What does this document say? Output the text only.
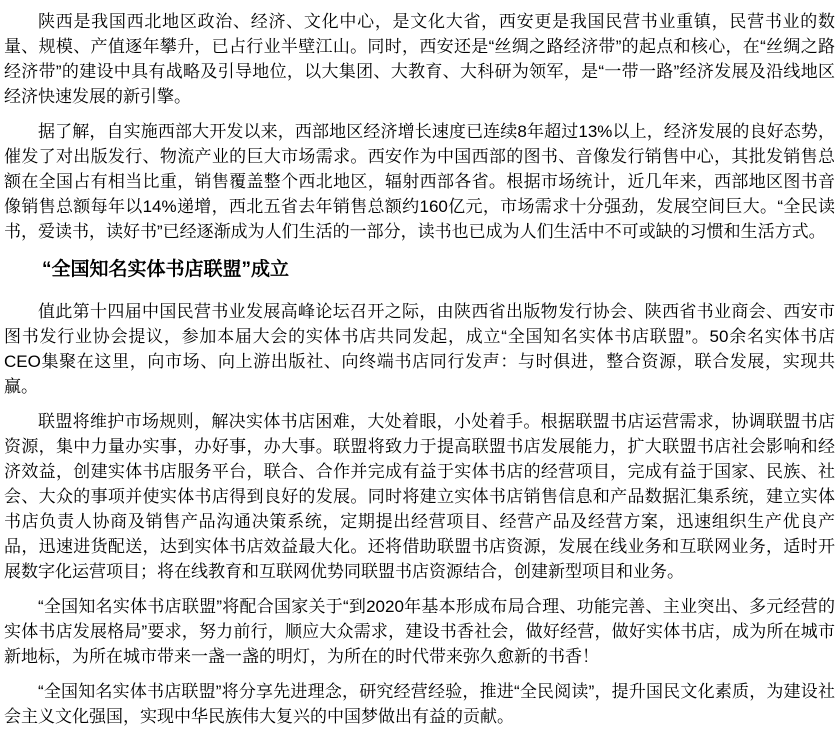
陕西是我国西北地区政治、经济、文化中心，是文化大省，西安更是我国民营书业重镇，民营书业的数量、规模、产值逐年攀升，已占行业半壁江山。同时，西安还是“丝绸之路经济带”的起点和核心，在“丝绸之路经济带”的建设中具有战略及引导地位，以大集团、大教育、大科研为领军，是“一带一路”经济发展及沿线地区经济快速发展的新引擎。

据了解，自实施西部大开发以来，西部地区经济增长速度已连续8年超过13%以上，经济发展的良好态势，催发了对出版发行、物流产业的巨大市场需求。西安作为中国西部的图书、音像发行销售中心，其批发销售总额在全国占有相当比重，销售覆盖整个西北地区，辐射西部各省。根据市场统计，近几年来，西部地区图书音像销售总额每年以14%递增，西北五省去年销售总额约160亿元，市场需求十分强劲，发展空间巨大。“全民读书，爱读书，读好书”已经逐渐成为人们生活的一部分，读书也已成为人们生活中不可或缺的习惯和生活方式。

“全国知名实体书店联盟”成立

值此第十四届中国民营书业发展高峰论坛召开之际，由陕西省出版物发行协会、陕西省书业商会、西安市图书发行业协会提议，参加本届大会的实体书店共同发起，成立“全国知名实体书店联盟”。50余名实体书店CEO集聚在这里，向市场、向上游出版社、向终端书店同行发声：与时俱进，整合资源，联合发展，实现共赢。

联盟将维护市场规则，解决实体书店困难，大处着眼，小处着手。根据联盟书店运营需求，协调联盟书店资源，集中力量办实事，办好事，办大事。联盟将致力于提高联盟书店发展能力，扩大联盟书店社会影响和经济效益，创建实体书店服务平台，联合、合作并完成有益于实体书店的经营项目，完成有益于国家、民族、社会、大众的事项并使实体书店得到良好的发展。同时将建立实体书店销售信息和产品数据汇集系统，建立实体书店负责人协商及销售产品沟通决策系统，定期提出经营项目、经营产品及经营方案，迅速组织生产优良产品，迅速进货配送，达到实体书店效益最大化。还将借助联盟书店资源，发展在线业务和互联网业务，适时开展数字化运营项目；将在线教育和互联网优势同联盟书店资源结合，创建新型项目和业务。

“全国知名实体书店联盟”将配合国家关于“到2020年基本形成布局合理、功能完善、主业突出、多元经营的实体书店发展格局”要求，努力前行，顺应大众需求，建设书香社会，做好经营，做好实体书店，成为所在城市新地标，为所在城市带来一盏一盏的明灯，为所在的时代带来弥久愈新的书香！

“全国知名实体书店联盟”将分享先进理念，研究经营经验，推进“全民阅读”，提升国民文化素质，为建设社会主义文化强国，实现中华民族伟大复兴的中国梦做出有益的贡献。
